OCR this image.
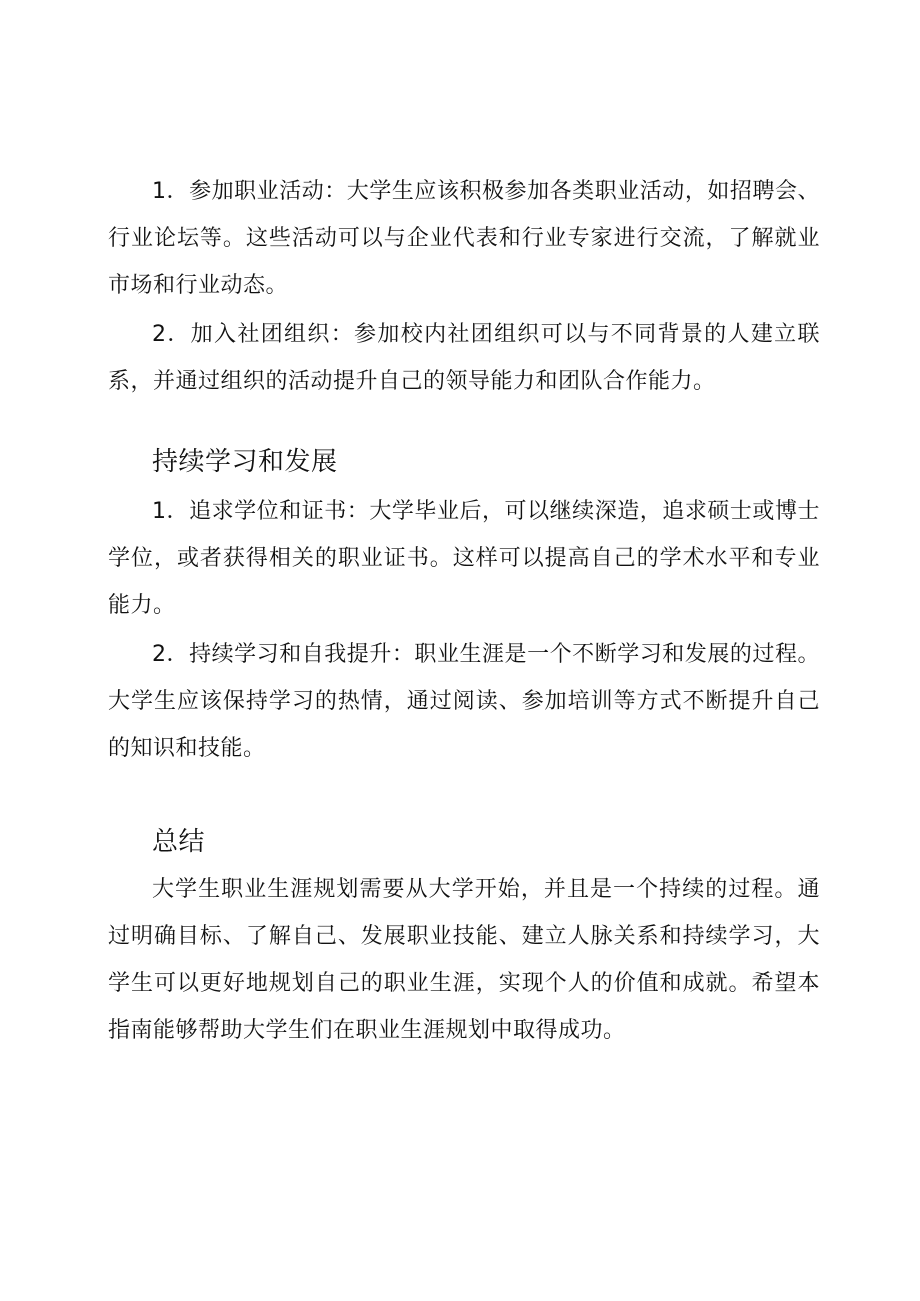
1．参加职业活动：大学生应该积极参加各类职业活动，如招聘会、行业论坛等。这些活动可以与企业代表和行业专家进行交流，了解就业市场和行业动态。

2．加入社团组织：参加校内社团组织可以与不同背景的人建立联系，并通过组织的活动提升自己的领导能力和团队合作能力。

持续学习和发展

1．追求学位和证书：大学毕业后，可以继续深造，追求硕士或博士学位，或者获得相关的职业证书。这样可以提高自己的学术水平和专业能力。

2．持续学习和自我提升：职业生涯是一个不断学习和发展的过程。大学生应该保持学习的热情，通过阅读、参加培训等方式不断提升自己的知识和技能。

总结

大学生职业生涯规划需要从大学开始，并且是一个持续的过程。通过明确目标、了解自己、发展职业技能、建立人脉关系和持续学习，大学生可以更好地规划自己的职业生涯，实现个人的价值和成就。希望本指南能够帮助大学生们在职业生涯规划中取得成功。
